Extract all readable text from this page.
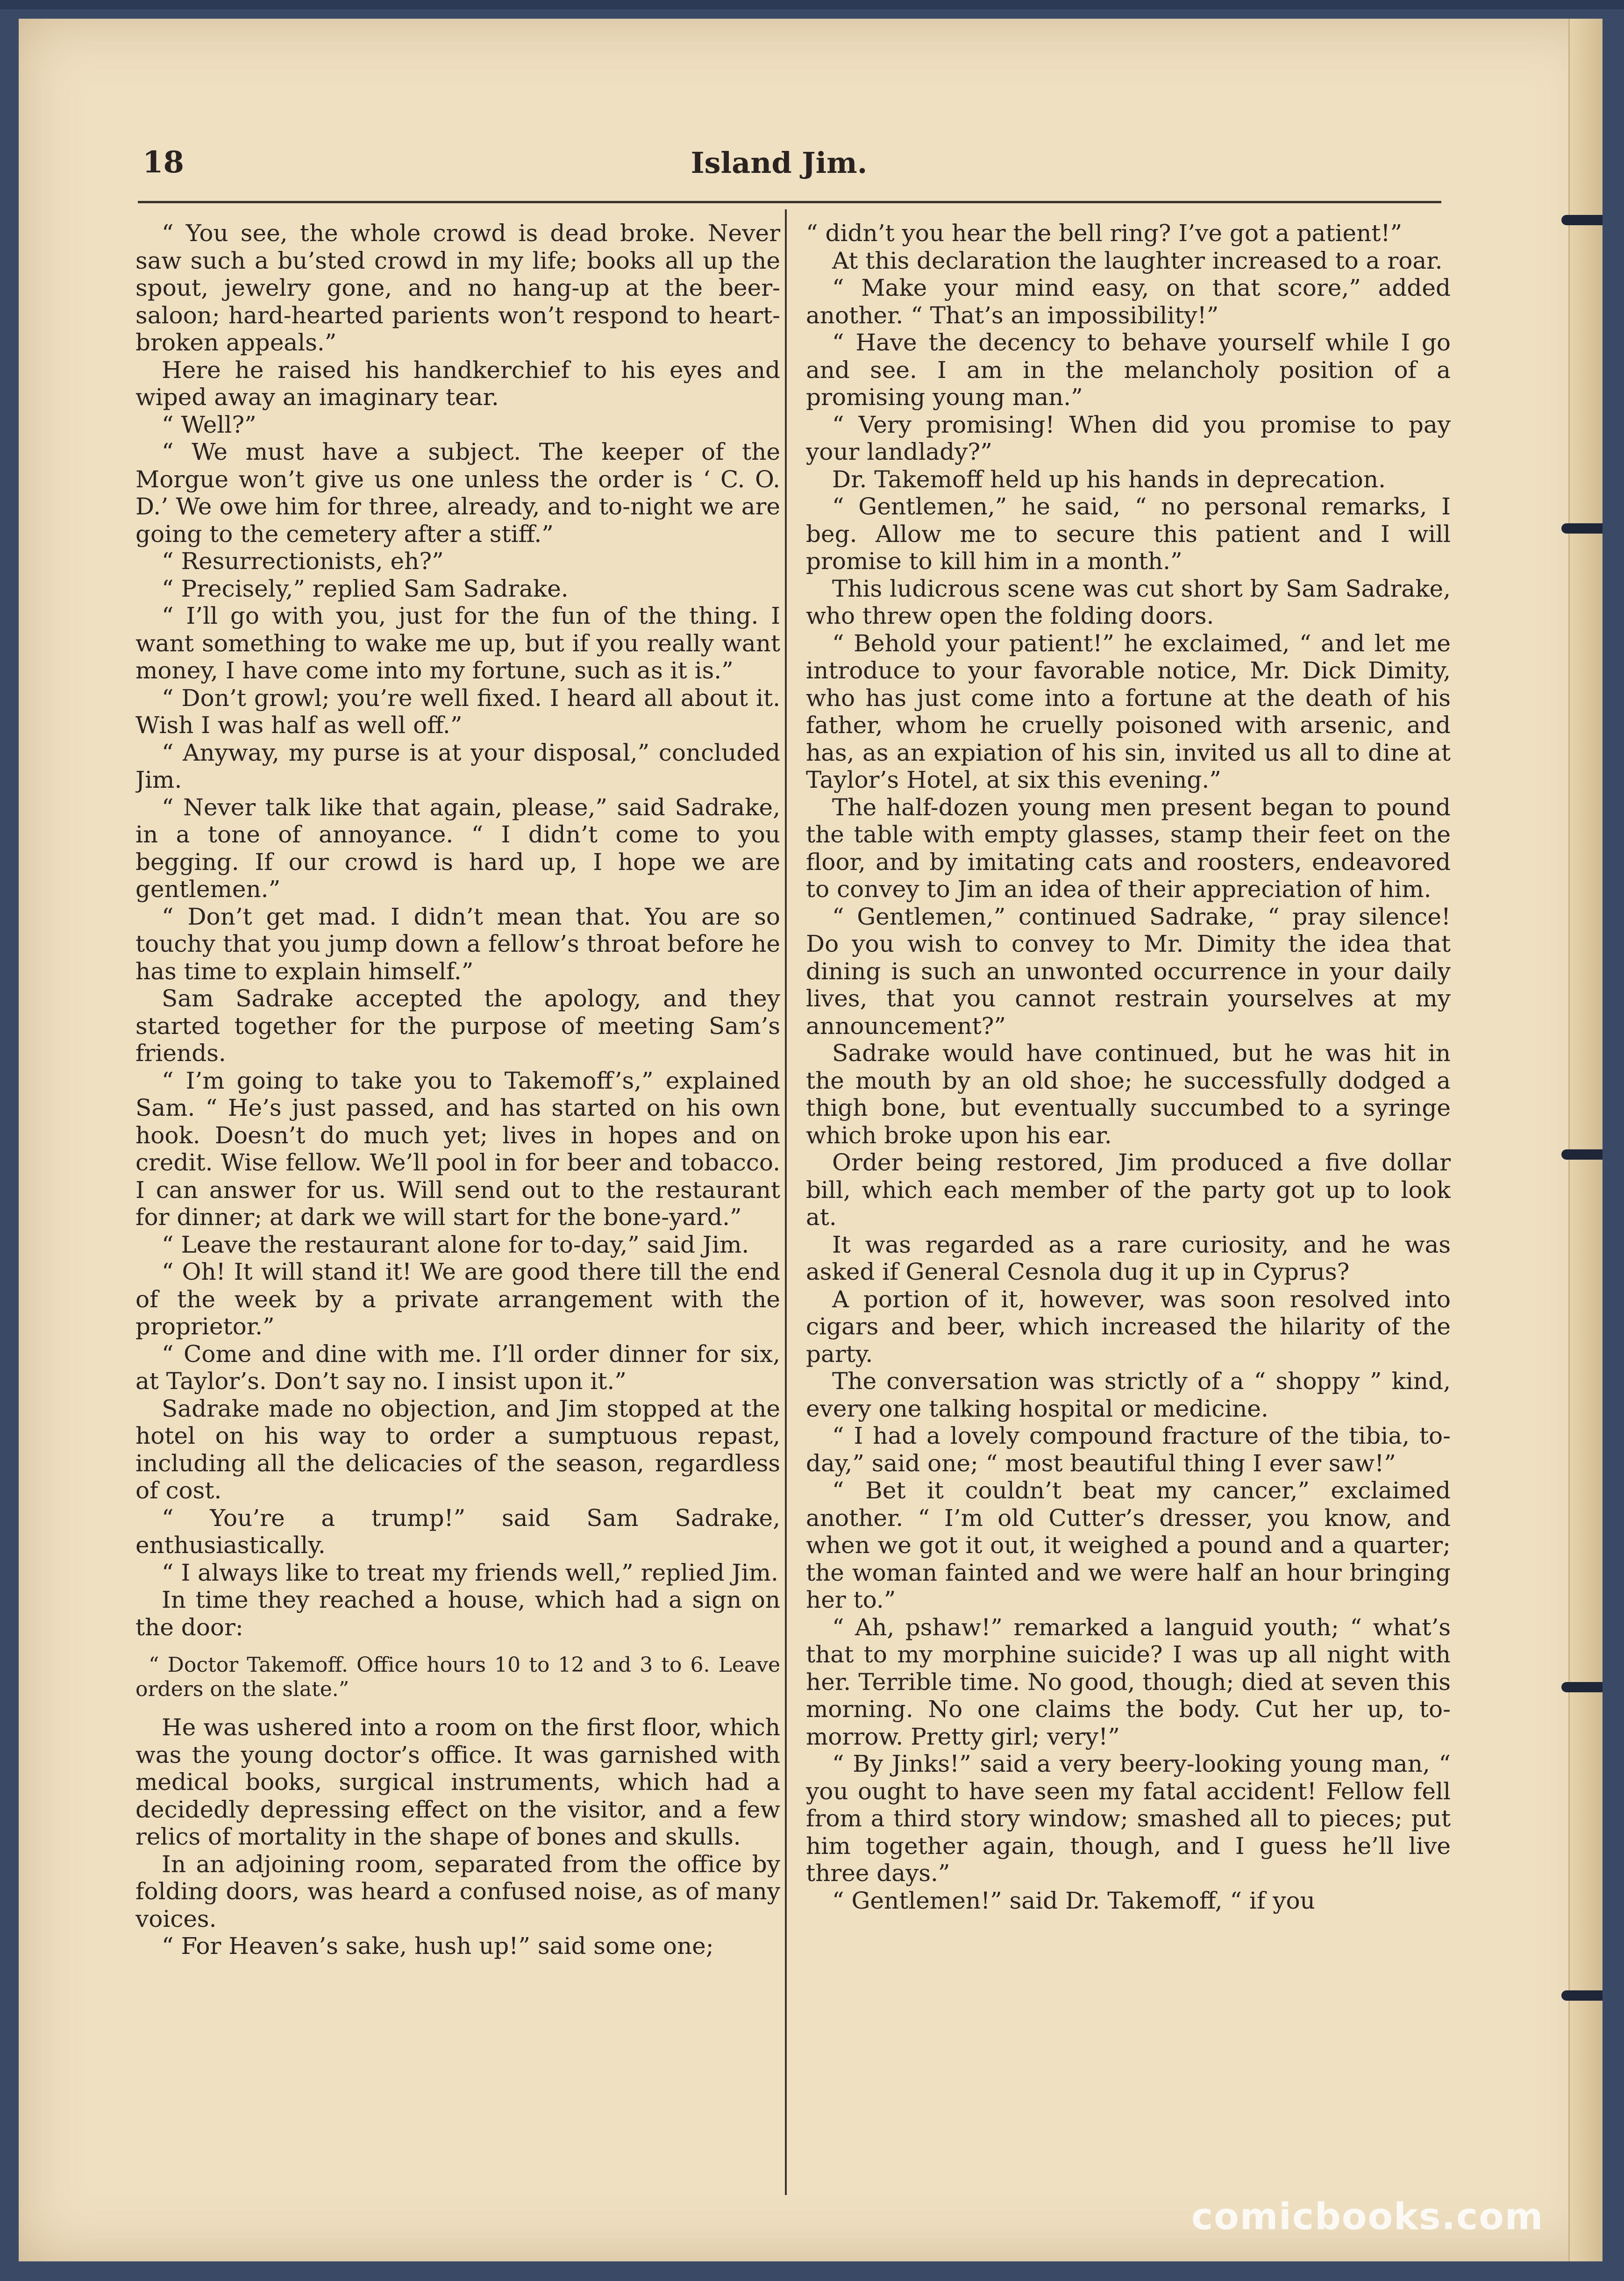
18	Island Jim.

“ You see, the whole crowd is dead broke. Never saw such a bu’sted crowd in my life; books all up the spout, jewelry gone, and no hang-up at the beer-saloon; hard-hearted parients won’t respond to heart-broken appeals.”

Here he raised his handkerchief to his eyes and wiped away an imaginary tear.

“ Well?”

“ We must have a subject. The keeper of the Morgue won’t give us one unless the order is ‘ C. O. D.’ We owe him for three, already, and to-night we are going to the cemetery after a stiff.”

“ Resurrectionists, eh?”

“ Precisely,” replied Sam Sadrake.

“ I’ll go with you, just for the fun of the thing. I want something to wake me up, but if you really want money, I have come into my fortune, such as it is.”

“ Don’t growl; you’re well fixed. I heard all about it. Wish I was half as well off.”

“ Anyway, my purse is at your disposal,” concluded Jim.

“ Never talk like that again, please,” said Sadrake, in a tone of annoyance. “ I didn’t come to you begging. If our crowd is hard up, I hope we are gentlemen.”

“ Don’t get mad. I didn’t mean that. You are so touchy that you jump down a fellow’s throat before he has time to explain himself.”

Sam Sadrake accepted the apology, and they started together for the purpose of meeting Sam’s friends.

“ I’m going to take you to Takemoff’s,” explained Sam. “ He’s just passed, and has started on his own hook. Doesn’t do much yet; lives in hopes and on credit. Wise fellow. We’ll pool in for beer and tobacco. I can answer for us. Will send out to the restaurant for dinner; at dark we will start for the bone-yard.”

“ Leave the restaurant alone for to-day,” said Jim.

“ Oh! It will stand it! We are good there till the end of the week by a private arrangement with the proprietor.”

“ Come and dine with me. I’ll order dinner for six, at Taylor’s. Don’t say no. I insist upon it.”

Sadrake made no objection, and Jim stopped at the hotel on his way to order a sumptuous repast, including all the delicacies of the season, regardless of cost.

“ You’re a trump!” said Sam Sadrake, enthusiastically.

“ I always like to treat my friends well,” replied Jim.

In time they reached a house, which had a sign on the door:

“ Doctor Takemoff. Office hours 10 to 12 and 3 to 6. Leave orders on the slate.”

He was ushered into a room on the first floor, which was the young doctor’s office. It was garnished with medical books, surgical instruments, which had a decidedly depressing effect on the visitor, and a few relics of mortality in the shape of bones and skulls.

In an adjoining room, separated from the office by folding doors, was heard a confused noise, as of many voices.

“ For Heaven’s sake, hush up!” said some one;

“ didn’t you hear the bell ring? I’ve got a patient!”

At this declaration the laughter increased to a roar.

“ Make your mind easy, on that score,” added another. “ That’s an impossibility!”

“ Have the decency to behave yourself while I go and see. I am in the melancholy position of a promising young man.”

“ Very promising! When did you promise to pay your landlady?”

Dr. Takemoff held up his hands in deprecation.

“ Gentlemen,” he said, “ no personal remarks, I beg. Allow me to secure this patient and I will promise to kill him in a month.”

This ludicrous scene was cut short by Sam Sadrake, who threw open the folding doors.

“ Behold your patient!” he exclaimed, “ and let me introduce to your favorable notice, Mr. Dick Dimity, who has just come into a fortune at the death of his father, whom he cruelly poisoned with arsenic, and has, as an expiation of his sin, invited us all to dine at Taylor’s Hotel, at six this evening.”

The half-dozen young men present began to pound the table with empty glasses, stamp their feet on the floor, and by imitating cats and roosters, endeavored to convey to Jim an idea of their appreciation of him.

“ Gentlemen,” continued Sadrake, “ pray silence! Do you wish to convey to Mr. Dimity the idea that dining is such an unwonted occurrence in your daily lives, that you cannot restrain yourselves at my announcement?”

Sadrake would have continued, but he was hit in the mouth by an old shoe; he successfully dodged a thigh bone, but eventually succumbed to a syringe which broke upon his ear.

Order being restored, Jim produced a five dollar bill, which each member of the party got up to look at.

It was regarded as a rare curiosity, and he was asked if General Cesnola dug it up in Cyprus?

A portion of it, however, was soon resolved into cigars and beer, which increased the hilarity of the party.

The conversation was strictly of a “ shoppy ” kind, every one talking hospital or medicine.

“ I had a lovely compound fracture of the tibia, to-day,” said one; “ most beautiful thing I ever saw!”

“ Bet it couldn’t beat my cancer,” exclaimed another. “ I’m old Cutter’s dresser, you know, and when we got it out, it weighed a pound and a quarter; the woman fainted and we were half an hour bringing her to.”

“ Ah, pshaw!” remarked a languid youth; “ what’s that to my morphine suicide? I was up all night with her. Terrible time. No good, though; died at seven this morning. No one claims the body. Cut her up, to-morrow. Pretty girl; very!”

“ By Jinks!” said a very beery-looking young man, “ you ought to have seen my fatal accident! Fellow fell from a third story window; smashed all to pieces; put him together again, though, and I guess he’ll live three days.”

“ Gentlemen!” said Dr. Takemoff, “ if you

comicbooks.com
